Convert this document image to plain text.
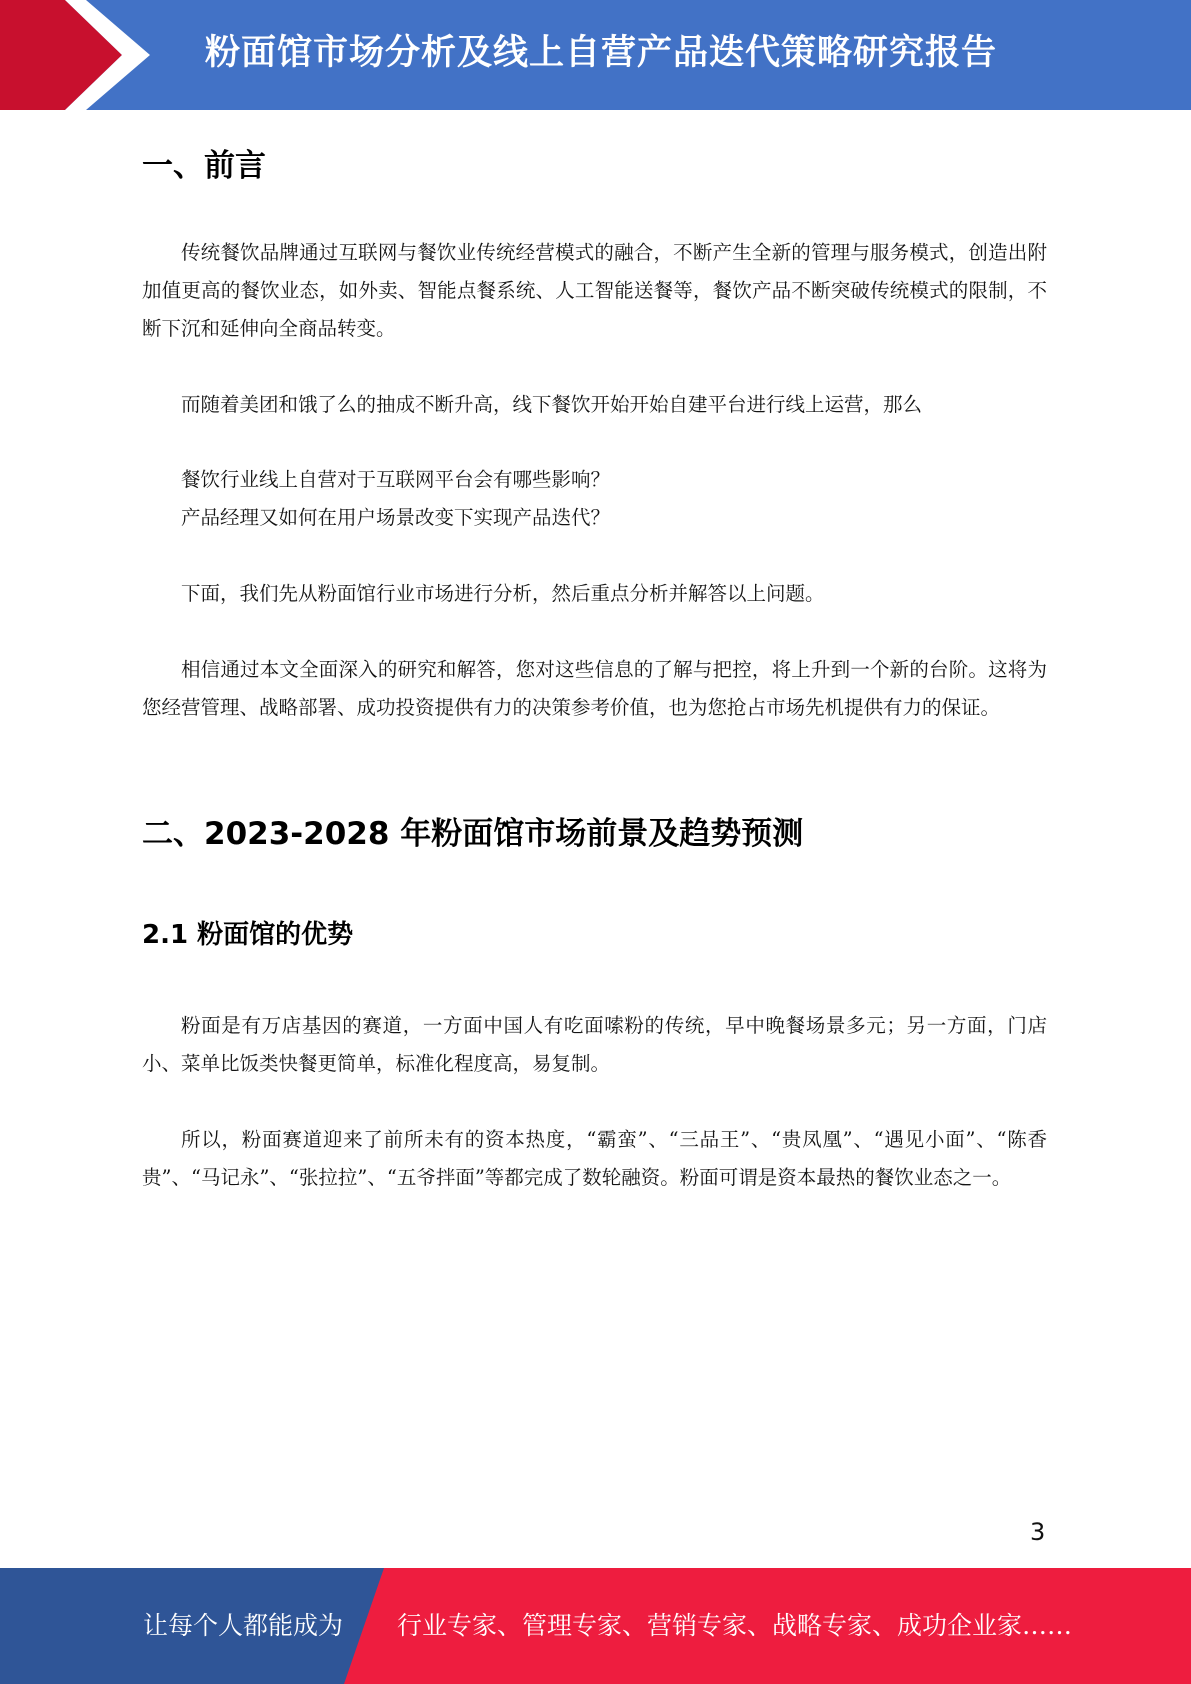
粉面馆市场分析及线上自营产品迭代策略研究报告
一、前言

传统餐饮品牌通过互联网与餐饮业传统经营模式的融合，不断产生全新的管理与服务模式，创造出附加值更高的餐饮业态，如外卖、智能点餐系统、人工智能送餐等，餐饮产品不断突破传统模式的限制，不断下沉和延伸向全商品转变。

而随着美团和饿了么的抽成不断升高，线下餐饮开始开始自建平台进行线上运营，那么

餐饮行业线上自营对于互联网平台会有哪些影响？

产品经理又如何在用户场景改变下实现产品迭代？

下面，我们先从粉面馆行业市场进行分析，然后重点分析并解答以上问题。

相信通过本文全面深入的研究和解答，您对这些信息的了解与把控，将上升到一个新的台阶。这将为您经营管理、战略部署、成功投资提供有力的决策参考价值，也为您抢占市场先机提供有力的保证。

二、2023-2028 年粉面馆市场前景及趋势预测
2.1 粉面馆的优势

粉面是有万店基因的赛道，一方面中国人有吃面嗦粉的传统，早中晚餐场景多元；另一方面，门店小、菜单比饭类快餐更简单，标准化程度高，易复制。

所以，粉面赛道迎来了前所未有的资本热度，“霸蛮”、“三品王”、“贵凤凰”、“遇见小面”、“陈香贵”、“马记永”、“张拉拉”、“五爷拌面”等都完成了数轮融资。粉面可谓是资本最热的餐饮业态之一。

3
让每个人都能成为 行业专家、管理专家、营销专家、战略专家、成功企业家……
